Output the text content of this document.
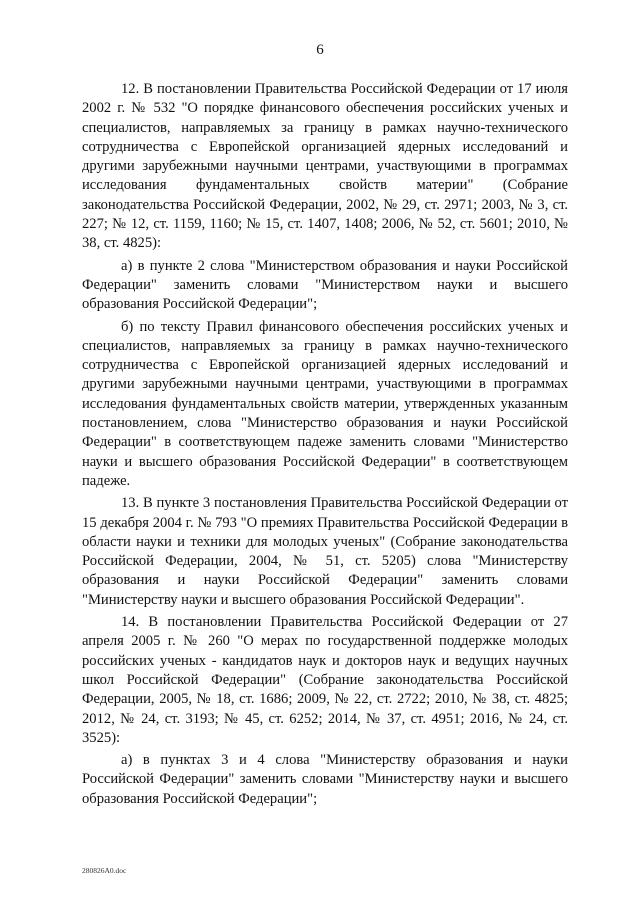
6

12. В постановлении Правительства Российской Федерации от 17 июля 2002 г. № 532 "О порядке финансового обеспечения российских ученых и специалистов, направляемых за границу в рамках научно-технического сотрудничества с Европейской организацией ядерных исследований и другими зарубежными научными центрами, участвующими в программах исследования фундаментальных свойств материи" (Собрание законодательства Российской Федерации, 2002, № 29, ст. 2971; 2003, № 3, ст. 227; № 12, ст. 1159, 1160; № 15, ст. 1407, 1408; 2006, № 52, ст. 5601; 2010, № 38, ст. 4825):

а) в пункте 2 слова "Министерством образования и науки Российской Федерации" заменить словами "Министерством науки и высшего образования Российской Федерации";

б) по тексту Правил финансового обеспечения российских ученых и специалистов, направляемых за границу в рамках научно-технического сотрудничества с Европейской организацией ядерных исследований и другими зарубежными научными центрами, участвующими в программах исследования фундаментальных свойств материи, утвержденных указанным постановлением, слова "Министерство образования и науки Российской Федерации" в соответствующем падеже заменить словами "Министерство науки и высшего образования Российской Федерации" в соответствующем падеже.

13. В пункте 3 постановления Правительства Российской Федерации от 15 декабря 2004 г. № 793 "О премиях Правительства Российской Федерации в области науки и техники для молодых ученых" (Собрание законодательства Российской Федерации, 2004, № 51, ст. 5205) слова "Министерству образования и науки Российской Федерации" заменить словами "Министерству науки и высшего образования Российской Федерации".

14. В постановлении Правительства Российской Федерации от 27 апреля 2005 г. № 260 "О мерах по государственной поддержке молодых российских ученых - кандидатов наук и докторов наук и ведущих научных школ Российской Федерации" (Собрание законодательства Российской Федерации, 2005, № 18, ст. 1686; 2009, № 22, ст. 2722; 2010, № 38, ст. 4825; 2012, № 24, ст. 3193; № 45, ст. 6252; 2014, № 37, ст. 4951; 2016, № 24, ст. 3525):

а) в пунктах 3 и 4 слова "Министерству образования и науки Российской Федерации" заменить словами "Министерству науки и высшего образования Российской Федерации";

280826A0.doc
